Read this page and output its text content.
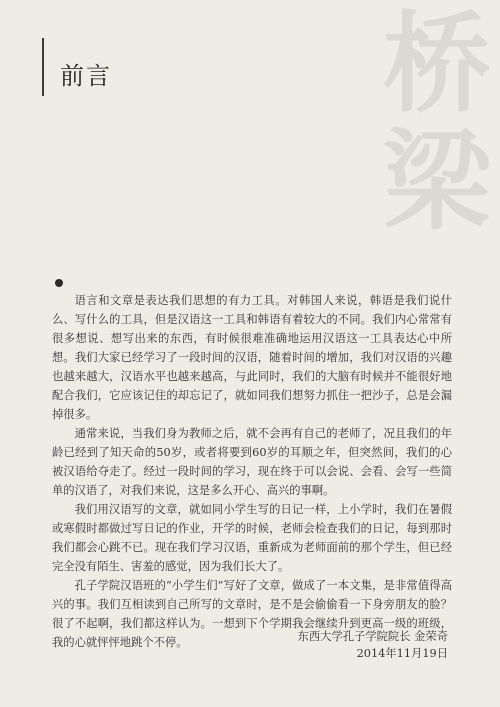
前言	桥
梁

语言和文章是表达我们思想的有力工具。对韩国人来说，韩语是我们说什么、写什么的工具，但是汉语这一工具和韩语有着较大的不同。我们内心常常有很多想说、想写出来的东西，有时候很难准确地运用汉语这一工具表达心中所想。我们大家已经学习了一段时间的汉语，随着时间的增加，我们对汉语的兴趣也越来越大，汉语水平也越来越高，与此同时，我们的大脑有时候并不能很好地配合我们，它应该记住的却忘记了，就如同我们想努力抓住一把沙子，总是会漏掉很多。

通常来说，当我们身为教师之后，就不会再有自己的老师了，况且我们的年龄已经到了知天命的50岁，或者将要到60岁的耳顺之年，但突然间，我们的心被汉语给夺走了。经过一段时间的学习，现在终于可以会说、会看、会写一些简单的汉语了，对我们来说，这是多么开心、高兴的事啊。

我们用汉语写的文章，就如同小学生写的日记一样，上小学时，我们在暑假或寒假时都做过写日记的作业，开学的时候，老师会检查我们的日记，每到那时我们都会心跳不已。现在我们学习汉语，重新成为老师面前的那个学生，但已经完全没有陌生、害羞的感觉，因为我们长大了。

孔子学院汉语班的“小学生们”写好了文章，做成了一本文集，是非常值得高兴的事。我们互相读到自己所写的文章时，是不是会偷偷看一下身旁朋友的脸？很了不起啊，我们都这样认为。一想到下个学期我会继续升到更高一级的班级，我的心就怦怦地跳个不停。	东西大学孔子学院院长 金荣奇
2014年11月19日
